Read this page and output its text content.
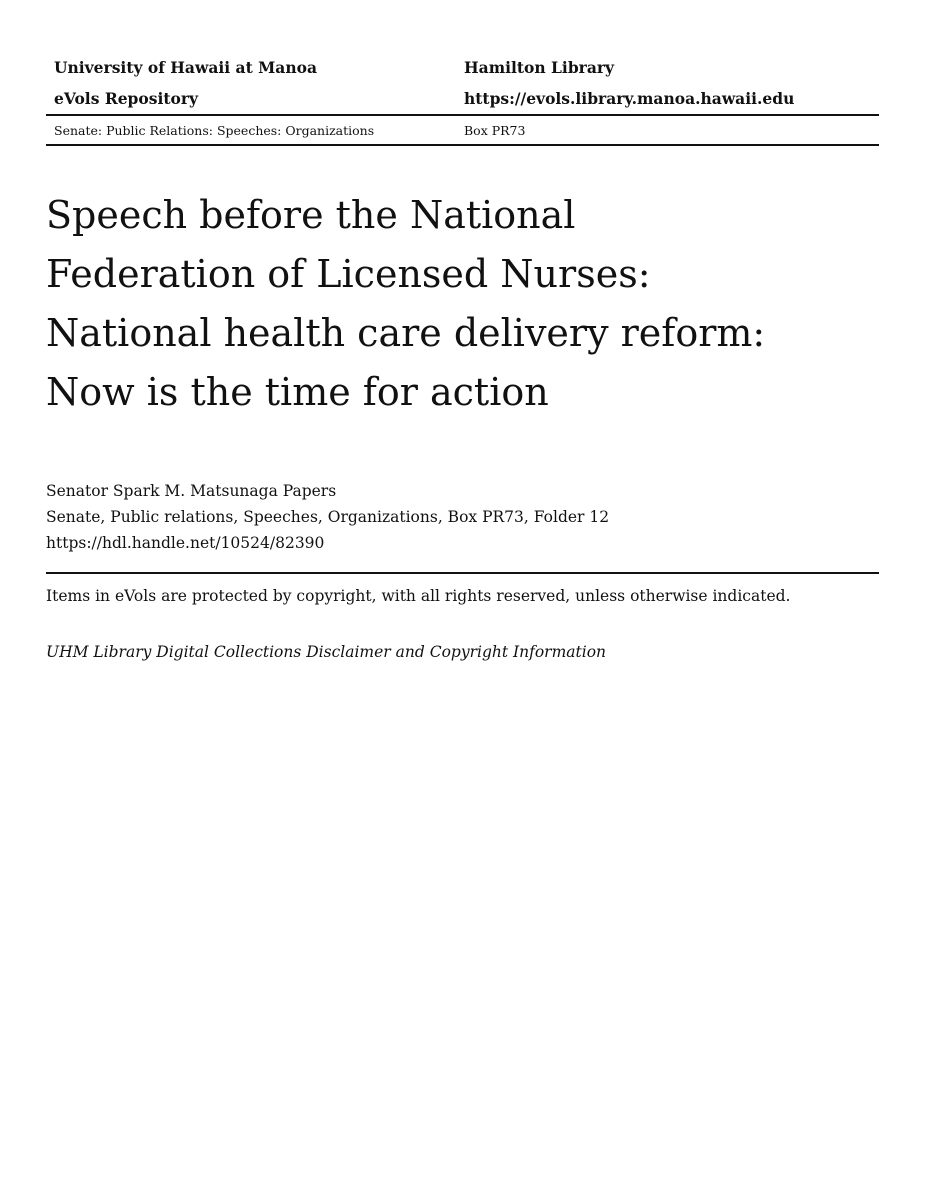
University of Hawaii at Manoa	Hamilton Library
eVols Repository	https://evols.library.manoa.hawaii.edu
Senate: Public Relations: Speeches: Organizations	Box PR73
Speech before the National
Federation of Licensed Nurses:
National health care delivery reform:
Now is the time for action
Senator Spark M. Matsunaga Papers
Senate, Public relations, Speeches, Organizations, Box PR73, Folder 12
https://hdl.handle.net/10524/82390
Items in eVols are protected by copyright, with all rights reserved, unless otherwise indicated.
UHM Library Digital Collections Disclaimer and Copyright Information
